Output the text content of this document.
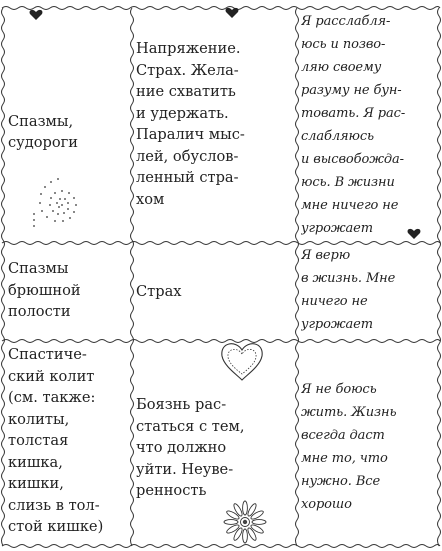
Спазмы,
судороги
Напряжение.
Страх. Жела-
ние схватить
и удержать.
Паралич мыс-
лей, обуслов-
ленный стра-
хом
Я расслабля-
юсь и позво-
ляю своему
разуму не бун-
товать. Я рас-
слабляюсь
и высвобожда-
юсь. В жизни
мне ничего не
угрожает
Спазмы
брюшной
полости
Страх
Я верю
в жизнь. Мне
ничего не
угрожает
Спастиче-
ский колит
(см. также:
колиты,
толстая
кишка,
кишки,
слизь в тол-
стой кишке)
Боязнь рас-
статься с тем,
что должно
уйти. Неуве-
ренность
Я не боюсь
жить. Жизнь
всегда даст
мне то, что
нужно. Все
хорошо
